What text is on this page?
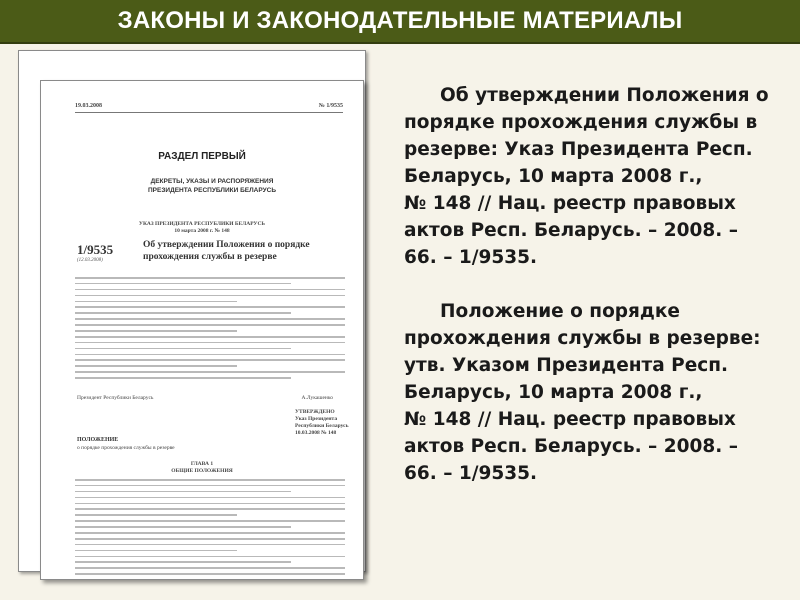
ЗАКОНЫ И ЗАКОНОДАТЕЛЬНЫЕ МАТЕРИАЛЫ
19.03.2008	№ 1/9535
РАЗДЕЛ ПЕРВЫЙ
ДЕКРЕТЫ, УКАЗЫ И РАСПОРЯЖЕНИЯ
ПРЕЗИДЕНТА РЕСПУБЛИКИ БЕЛАРУСЬ
УКАЗ ПРЕЗИДЕНТА РЕСПУБЛИКИ БЕЛАРУСЬ
10 марта 2008 г. № 148
1/9535
(12.03.2008)
Об утверждении Положения о порядке прохождения службы в резерве
Президент Республики Беларусь	А.Лукашенко
УТВЕРЖДЕНО
Указ Президента
Республики Беларусь
10.03.2008 № 148
ПОЛОЖЕНИЕ
о порядке прохождения службы в резерве
ГЛАВА 1
ОБЩИЕ ПОЛОЖЕНИЯ
Об утверждении Положения о
порядке прохождения службы в
резерве: Указ Президента Респ.
Беларусь, 10 марта 2008 г.,
№ 148 // Нац. реестр правовых
актов Респ. Беларусь. – 2008. –
66. – 1/9535.
Положение о порядке
прохождения службы в резерве:
утв. Указом Президента Респ.
Беларусь, 10 марта 2008 г.,
№ 148 // Нац. реестр правовых
актов Респ. Беларусь. – 2008. –
66. – 1/9535.
